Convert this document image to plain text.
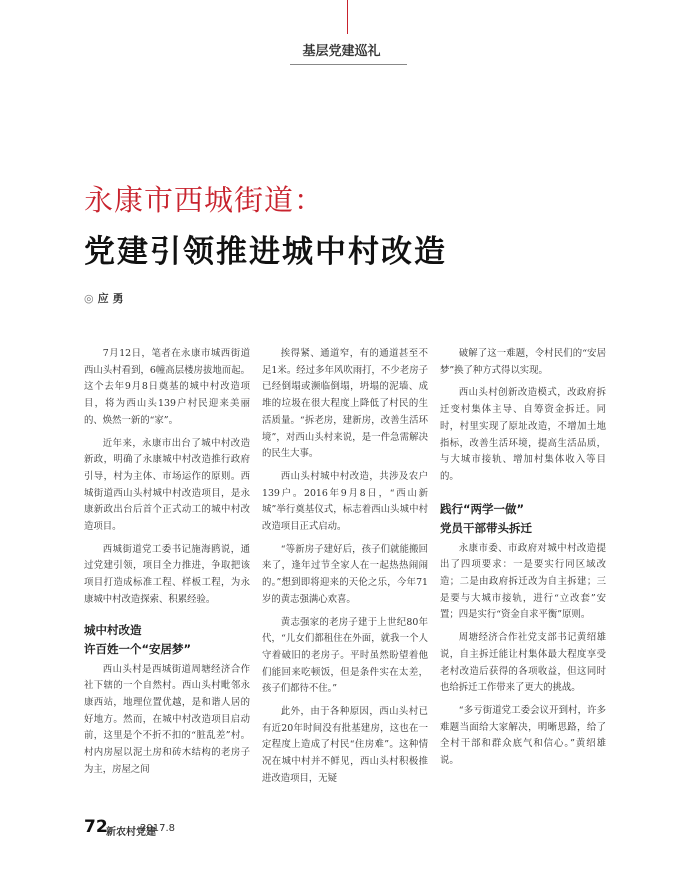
基层党建巡礼
永康市西城街道：
党建引领推进城中村改造
◎ 应 勇

7月12日，笔者在永康市城西街道西山头村看到，6幢高层楼房拔地而起。这个去年9月8日奠基的城中村改造项目，将为西山头139户村民迎来美丽的、焕然一新的“家”。

近年来，永康市出台了城中村改造新政，明确了永康城中村改造推行政府引导，村为主体、市场运作的原则。西城街道西山头村城中村改造项目，是永康新政出台后首个正式动工的城中村改造项目。

西城街道党工委书记施海鸥说，通过党建引领，项目全力推进，争取把该项目打造成标准工程、样板工程，为永康城中村改造探索、积累经验。

城中村改造
许百姓一个“安居梦”

西山头村是西城街道周塘经济合作社下辖的一个自然村。西山头村毗邻永康西站，地理位置优越，是和谐人居的好地方。然而，在城中村改造项目启动前，这里是个不折不扣的“脏乱差”村。村内房屋以泥土房和砖木结构的老房子为主，房屋之间

挨得紧、通道窄，有的通道甚至不足1米。经过多年风吹雨打，不少老房子已经倒塌或濒临倒塌，坍塌的泥墙、成堆的垃圾在很大程度上降低了村民的生活质量。“拆老房，建新房，改善生活环境”，对西山头村来说，是一件急需解决的民生大事。

西山头村城中村改造，共涉及农户139户。2016年9月8日，“西山新城”举行奠基仪式，标志着西山头城中村改造项目正式启动。

“等新房子建好后，孩子们就能搬回来了，逢年过节全家人在一起热热闹闹的。”想到即将迎来的天伦之乐，今年71岁的黄志强满心欢喜。

黄志强家的老房子建于上世纪80年代，“儿女们都租住在外面，就我一个人守着破旧的老房子。平时虽然盼望着他们能回来吃顿饭，但是条件实在太差，孩子们都待不住。”

此外，由于各种原因，西山头村已有近20年时间没有批基建房，这也在一定程度上造成了村民“住房难”。这种情况在城中村并不鲜见，西山头村积极推进改造项目，无疑

破解了这一难题，令村民们的“安居梦”换了种方式得以实现。

西山头村创新改造模式，改政府拆迁变村集体主导、自筹资金拆迁。同时，村里实现了原址改造，不增加土地指标，改善生活环境，提高生活品质，与大城市接轨、增加村集体收入等目的。

践行“两学一做”
党员干部带头拆迁

永康市委、市政府对城中村改造提出了四项要求：一是要实行同区域改造；二是由政府拆迁改为自主拆建；三是要与大城市接轨，进行“立改套”安置；四是实行“资金自求平衡”原则。

周塘经济合作社党支部书记黄绍雄说，自主拆迁能让村集体最大程度享受老村改造后获得的各项收益，但这同时也给拆迁工作带来了更大的挑战。

“多亏街道党工委会议开到村，许多难题当面给大家解决，明晰思路，给了全村干部和群众底气和信心。”黄绍雄说。

72
新农村党建
2017.8
